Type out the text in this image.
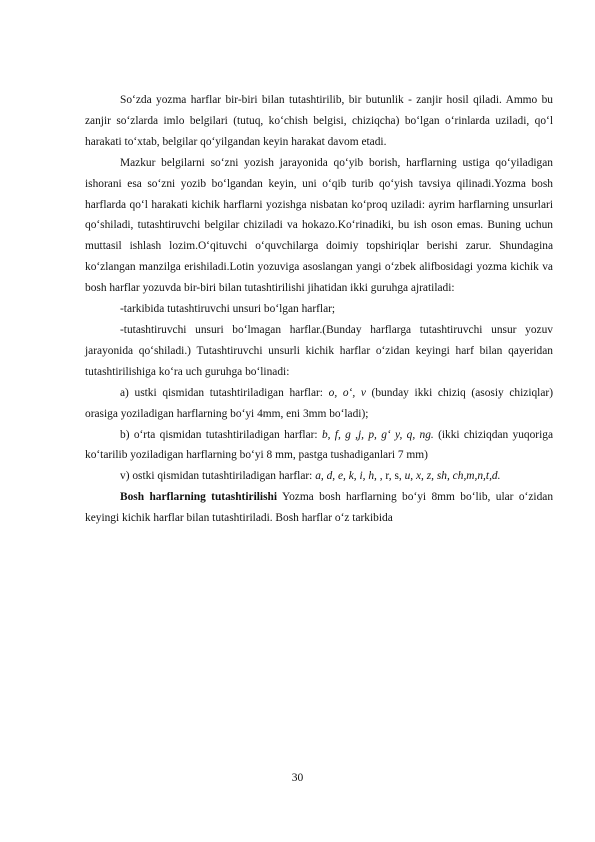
So‘zda yozma harflar bir-biri bilan tutashtirilib, bir butunlik - zanjir hosil qiladi. Ammo bu zanjir so‘zlarda imlo belgilari (tutuq, ko‘chish belgisi, chiziqcha) bo‘lgan o‘rinlarda uziladi, qo‘l harakati to‘xtab, belgilar qo‘yilgandan keyin harakat davom etadi.

Mazkur belgilarni so‘zni yozish jarayonida qo‘yib borish, harflarning ustiga qo‘yiladigan ishorani esa so‘zni yozib bo‘lgandan keyin, uni o‘qib turib qo‘yish tavsiya qilinadi.Yozma bosh harflarda qo‘l harakati kichik harflarni yozishga nisbatan ko‘proq uziladi: ayrim harflarning unsurlari qo‘shiladi, tutashtiruvchi belgilar chiziladi va hokazo.Ko‘rinadiki, bu ish oson emas. Buning uchun muttasil ishlash lozim.O‘qituvchi o‘quvchilarga doimiy topshiriqlar berishi zarur. Shundagina ko‘zlangan manzilga erishiladi.Lotin yozuviga asoslangan yangi o‘zbek alifbosidagi yozma kichik va bosh harflar yozuvda bir-biri bilan tutashtirilishi jihatidan ikki guruhga ajratiladi:

-tarkibida tutashtiruvchi unsuri bo‘lgan harflar;

-tutashtiruvchi unsuri bo‘lmagan harflar.(Bunday harflarga tutashtiruvchi unsur yozuv jarayonida qo‘shiladi.) Tutashtiruvchi unsurli kichik harflar o‘zidan keyingi harf bilan qayeridan tutashtirilishiga ko‘ra uch guruhga bo‘linadi:

a) ustki qismidan tutashtiriladigan harflar: o, o‘, v (bunday ikki chiziq (asosiy chiziqlar) orasiga yoziladigan harflarning bo‘yi 4mm, eni 3mm bo‘ladi);

b) o‘rta qismidan tutashtiriladigan harflar: b, f, g ,j, p, g‘ y, q, ng. (ikki chiziqdan yuqoriga ko‘tarilib yoziladigan harflarning bo‘yi 8 mm, pastga tushadiganlari 7 mm)

v) ostki qismidan tutashtiriladigan harflar: a, d, e, k, i, h, , r, s, u, x, z, sh, ch,m,n,t,d.

Bosh harflarning tutashtirilishi Yozma bosh harflarning bo‘yi 8mm bo‘lib, ular o‘zidan keyingi kichik harflar bilan tutashtiriladi. Bosh harflar o‘z tarkibida

30
